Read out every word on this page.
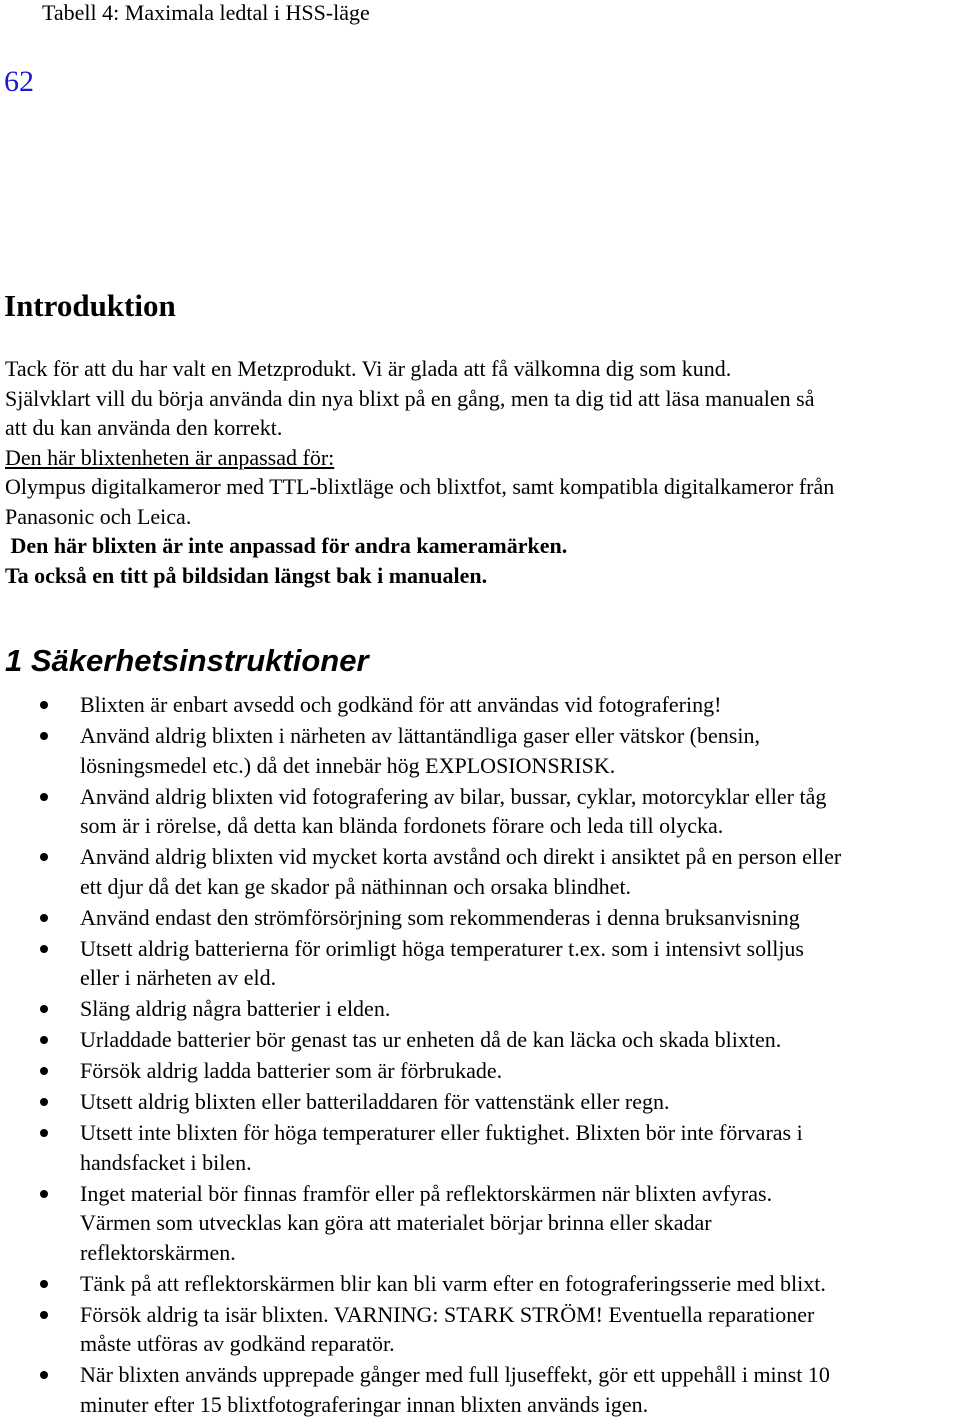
Tabell 4: Maximala ledtal i HSS-läge
62
Introduktion

Tack för att du har valt en Metzprodukt. Vi är glada att få välkomna dig som kund.

Självklart vill du börja använda din nya blixt på en gång, men ta dig tid att läsa manualen så

att du kan använda den korrekt.

Den här blixtenheten är anpassad för:

Olympus digitalkameror med TTL-blixtläge och blixtfot, samt kompatibla digitalkameror från

Panasonic och Leica.

Den här blixten är inte anpassad för andra kameramärken.

Ta också en titt på bildsidan längst bak i manualen.

1 Säkerhetsinstruktioner
Blixten är enbart avsedd och godkänd för att användas vid fotografering!
Använd aldrig blixten i närheten av lättantändliga gaser eller vätskor (bensin,
lösningsmedel etc.) då det innebär hög EXPLOSIONSRISK.
Använd aldrig blixten vid fotografering av bilar, bussar, cyklar, motorcyklar eller tåg
som är i rörelse, då detta kan blända fordonets förare och leda till olycka.
Använd aldrig blixten vid mycket korta avstånd och direkt i ansiktet på en person eller
ett djur då det kan ge skador på näthinnan och orsaka blindhet.
Använd endast den strömförsörjning som rekommenderas i denna bruksanvisning
Utsett aldrig batterierna för orimligt höga temperaturer t.ex. som i intensivt solljus
eller i närheten av eld.
Släng aldrig några batterier i elden.
Urladdade batterier bör genast tas ur enheten då de kan läcka och skada blixten.
Försök aldrig ladda batterier som är förbrukade.
Utsett aldrig blixten eller batteriladdaren för vattenstänk eller regn.
Utsett inte blixten för höga temperaturer eller fuktighet. Blixten bör inte förvaras i
handsfacket i bilen.
Inget material bör finnas framför eller på reflektorskärmen när blixten avfyras.
Värmen som utvecklas kan göra att materialet börjar brinna eller skadar
reflektorskärmen.
Tänk på att reflektorskärmen blir kan bli varm efter en fotograferingsserie med blixt.
Försök aldrig ta isär blixten. VARNING: STARK STRÖM! Eventuella reparationer
måste utföras av godkänd reparatör.
När blixten används upprepade gånger med full ljuseffekt, gör ett uppehåll i minst 10
minuter efter 15 blixtfotograferingar innan blixten används igen.
